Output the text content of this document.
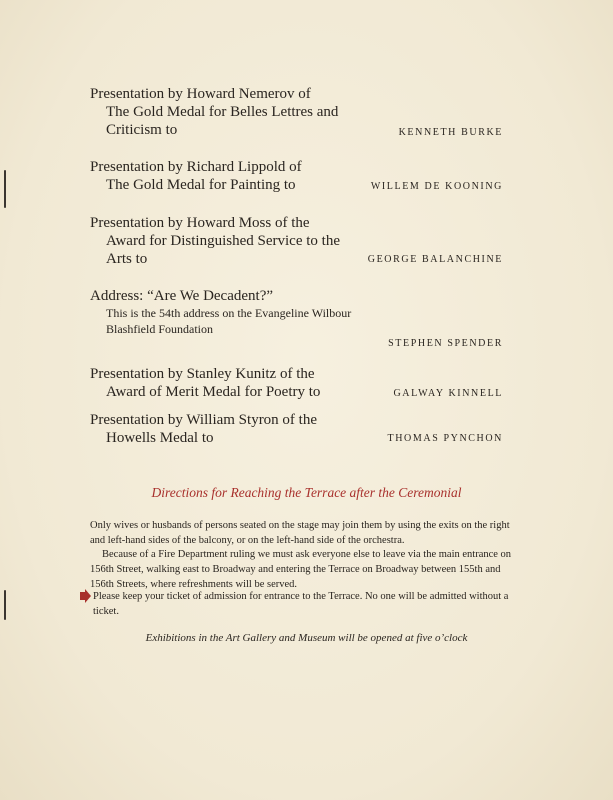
Presentation by Howard Nemerov of
The Gold Medal for Belles Lettres and
Criticism to	KENNETH BURKE
Presentation by Richard Lippold of
The Gold Medal for Painting to	WILLEM DE KOONING
Presentation by Howard Moss of the
Award for Distinguished Service to the
Arts to	GEORGE BALANCHINE
Address: “Are We Decadent?”
This is the 54th address on the Evangeline Wilbour
Blashfield Foundation
STEPHEN SPENDER
Presentation by Stanley Kunitz of the
Award of Merit Medal for Poetry to	GALWAY KINNELL
Presentation by William Styron of the
Howells Medal to	THOMAS PYNCHON
Directions for Reaching the Terrace after the Ceremonial
Only wives or husbands of persons seated on the stage may join them by using the exits on the right and left-hand sides of the balcony, or on the left-hand side of the orchestra.
Because of a Fire Department ruling we must ask everyone else to leave via the main entrance on 156th Street, walking east to Broadway and entering the Terrace on Broadway between 155th and 156th Streets, where refreshments will be served.
Please keep your ticket of admission for entrance to the Terrace. No one will be admitted without a ticket.
Exhibitions in the Art Gallery and Museum will be opened at five o’clock
